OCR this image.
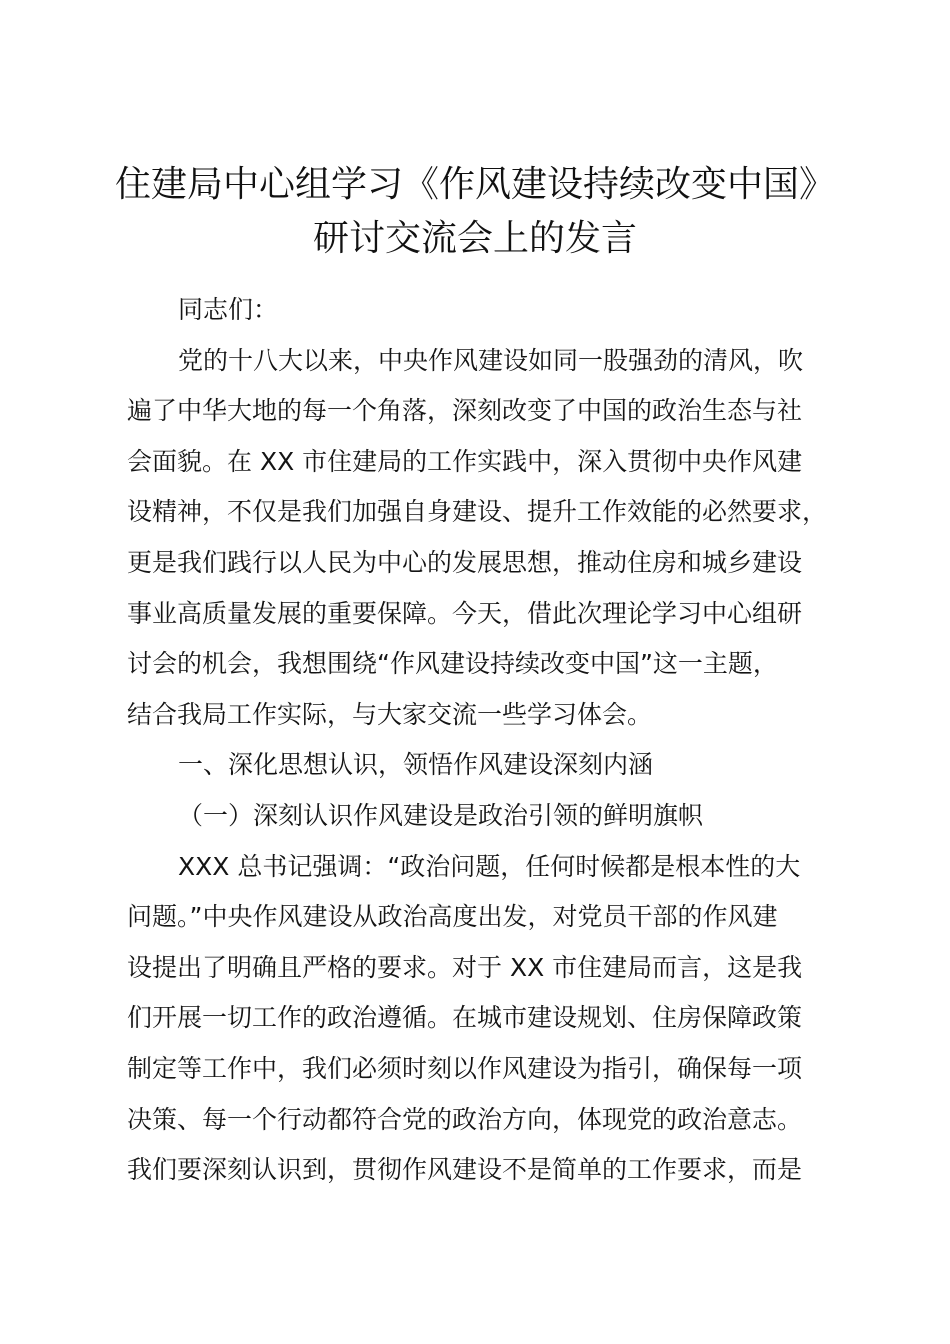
住建局中心组学习《作风建设持续改变中国》
研讨交流会上的发言
同志们：
党的十八大以来，中央作风建设如同一股强劲的清风，吹
遍了中华大地的每一个角落，深刻改变了中国的政治生态与社
会面貌。在 XX 市住建局的工作实践中，深入贯彻中央作风建
设精神，不仅是我们加强自身建设、提升工作效能的必然要求，
更是我们践行以人民为中心的发展思想，推动住房和城乡建设
事业高质量发展的重要保障。今天，借此次理论学习中心组研
讨会的机会，我想围绕“作风建设持续改变中国”这一主题，
结合我局工作实际，与大家交流一些学习体会。
一、深化思想认识，领悟作风建设深刻内涵
（一）深刻认识作风建设是政治引领的鲜明旗帜
XXX 总书记强调：“政治问题，任何时候都是根本性的大
问题。”中央作风建设从政治高度出发，对党员干部的作风建
设提出了明确且严格的要求。对于 XX 市住建局而言，这是我
们开展一切工作的政治遵循。在城市建设规划、住房保障政策
制定等工作中，我们必须时刻以作风建设为指引，确保每一项
决策、每一个行动都符合党的政治方向，体现党的政治意志。
我们要深刻认识到，贯彻作风建设不是简单的工作要求，而是
